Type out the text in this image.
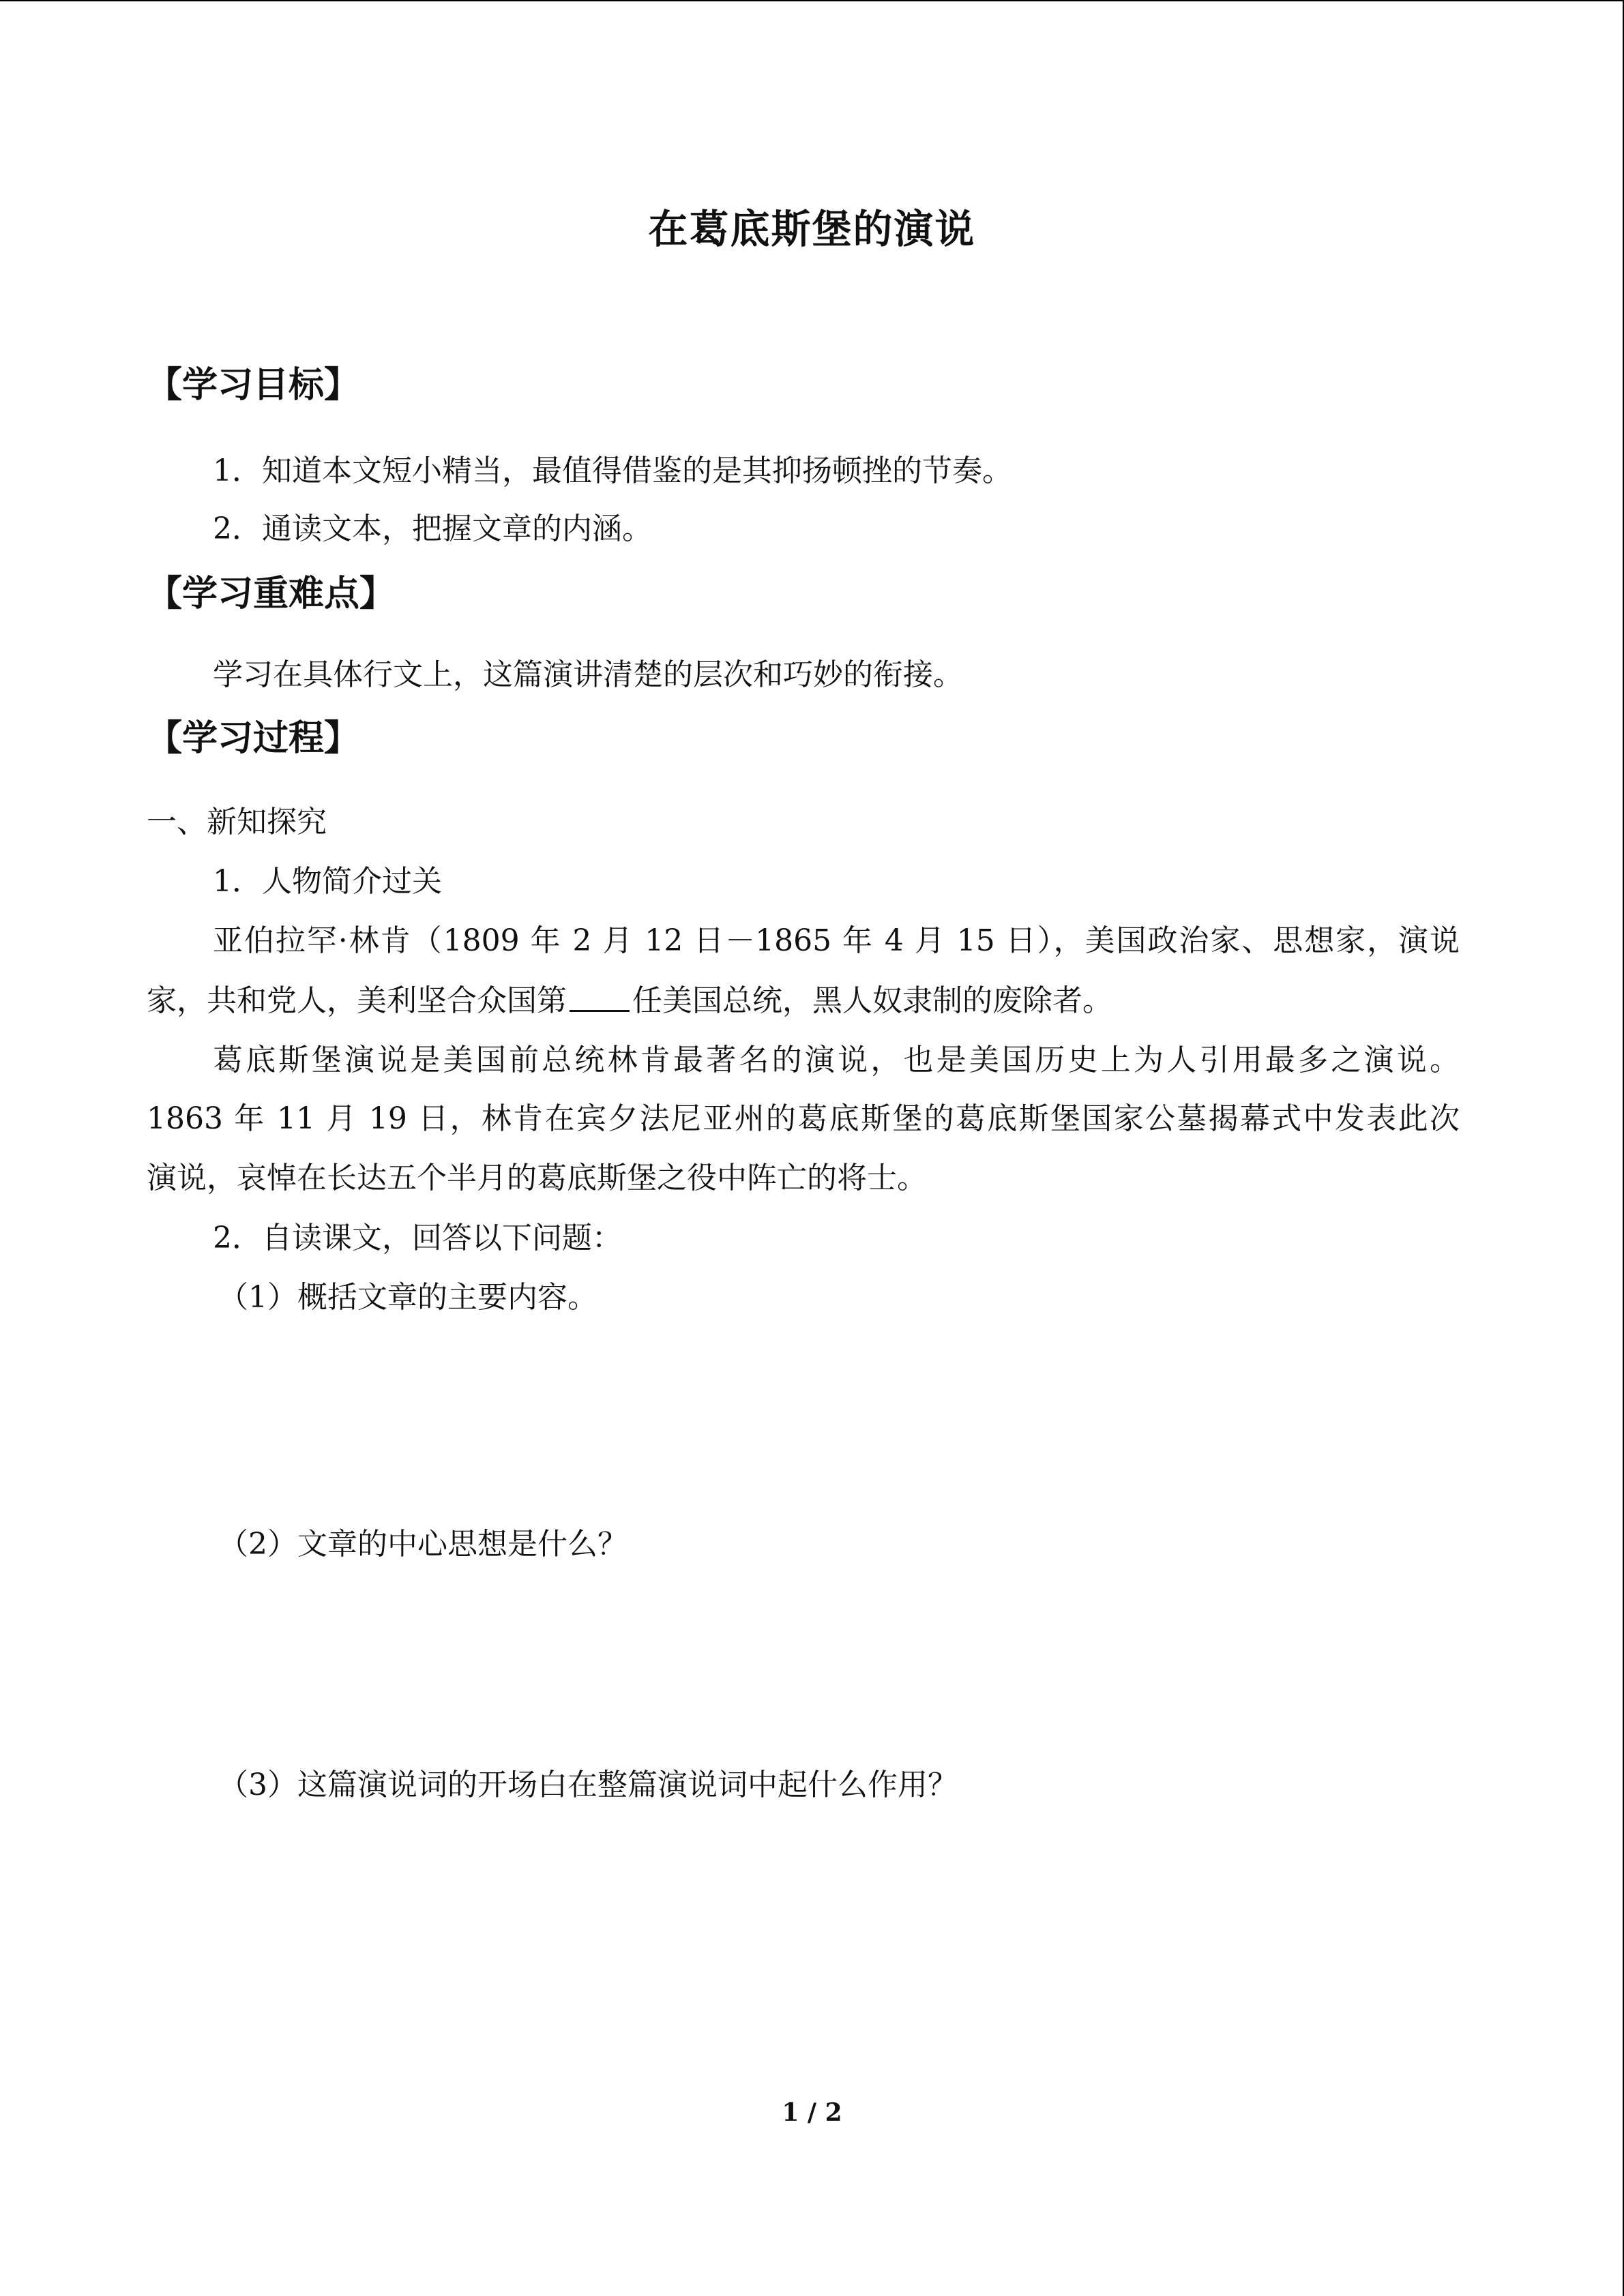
在葛底斯堡的演说
【学习目标】
1．知道本文短小精当，最值得借鉴的是其抑扬顿挫的节奏。
2．通读文本，把握文章的内涵。
【学习重难点】
学习在具体行文上，这篇演讲清楚的层次和巧妙的衔接。
【学习过程】
一、新知探究
1．人物简介过关
亚伯拉罕·林肯（1809 年 2 月 12 日－1865 年 4 月 15 日），美国政治家、思想家，演说
家，共和党人，美利坚合众国第 任美国总统，黑人奴隶制的废除者。
葛底斯堡演说是美国前总统林肯最著名的演说，也是美国历史上为人引用最多之演说。
1863 年 11 月 19 日，林肯在宾夕法尼亚州的葛底斯堡的葛底斯堡国家公墓揭幕式中发表此次
演说，哀悼在长达五个半月的葛底斯堡之役中阵亡的将士。
2．自读课文，回答以下问题：
（1）概括文章的主要内容。
（2）文章的中心思想是什么？
（3）这篇演说词的开场白在整篇演说词中起什么作用？
1 / 2
